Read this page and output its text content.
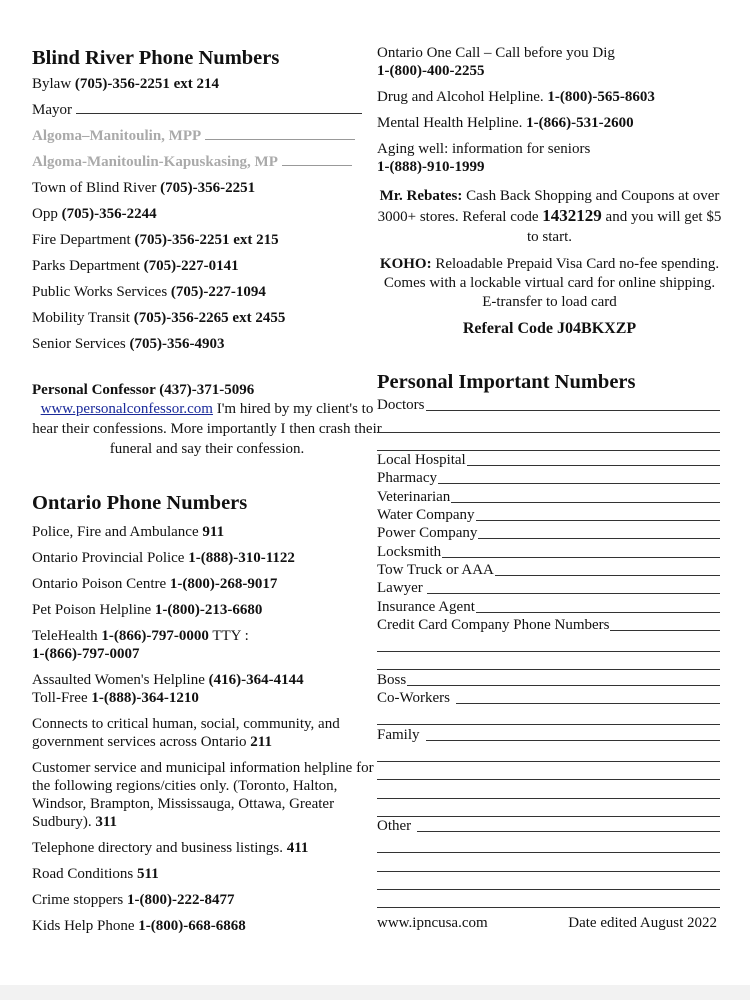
Blind River Phone Numbers
Bylaw (705)-356-2251 ext 214
Mayor
Algoma–Manitoulin, MPP
Algoma-Manitoulin-Kapuskasing, MP
Town of Blind River (705)-356-2251
Opp (705)-356-2244
Fire Department (705)-356-2251 ext 215
Parks Department (705)-227-0141
Public Works Services (705)-227-1094
Mobility Transit (705)-356-2265 ext 2455
Senior Services (705)-356-4903
Personal Confessor (437)-371-5096
www.personalconfessor.com I'm hired by my client's to hear their confessions. More importantly I then crash their funeral and say their confession.
Ontario Phone Numbers
Police, Fire and Ambulance 911
Ontario Provincial Police 1-(888)-310-1122
Ontario Poison Centre 1-(800)-268-9017
Pet Poison Helpline 1-(800)-213-6680
TeleHealth 1-(866)-797-0000 TTY :
1-(866)-797-0007
Assaulted Women's Helpline (416)-364-4144
Toll-Free 1-(888)-364-1210
Connects to critical human, social, community, and government services across Ontario 211
Customer service and municipal information helpline for the following regions/cities only. (Toronto, Halton, Windsor, Brampton, Mississauga, Ottawa, Greater Sudbury). 311
Telephone directory and business listings. 411
Road Conditions 511
Crime stoppers 1-(800)-222-8477
Kids Help Phone 1-(800)-668-6868
Ontario One Call – Call before you Dig
1-(800)-400-2255
Drug and Alcohol Helpline. 1-(800)-565-8603
Mental Health Helpline. 1-(866)-531-2600
Aging well: information for seniors
1-(888)-910-1999
Mr. Rebates: Cash Back Shopping and Coupons at over 3000+ stores. Referal code 1432129 and you will get $5 to start.
KOHO: Reloadable Prepaid Visa Card no-fee spending. Comes with a lockable virtual card for online shipping. E-transfer to load card
Referal Code J04BKXZP
Personal Important Numbers
Doctors
Local Hospital
Pharmacy
Veterinarian
Water Company
Power Company
Locksmith
Tow Truck or AAA
Lawyer
Insurance Agent
Credit Card Company Phone Numbers
Boss
Co-Workers
Family
Other
www.ipncusa.com	Date edited August 2022
